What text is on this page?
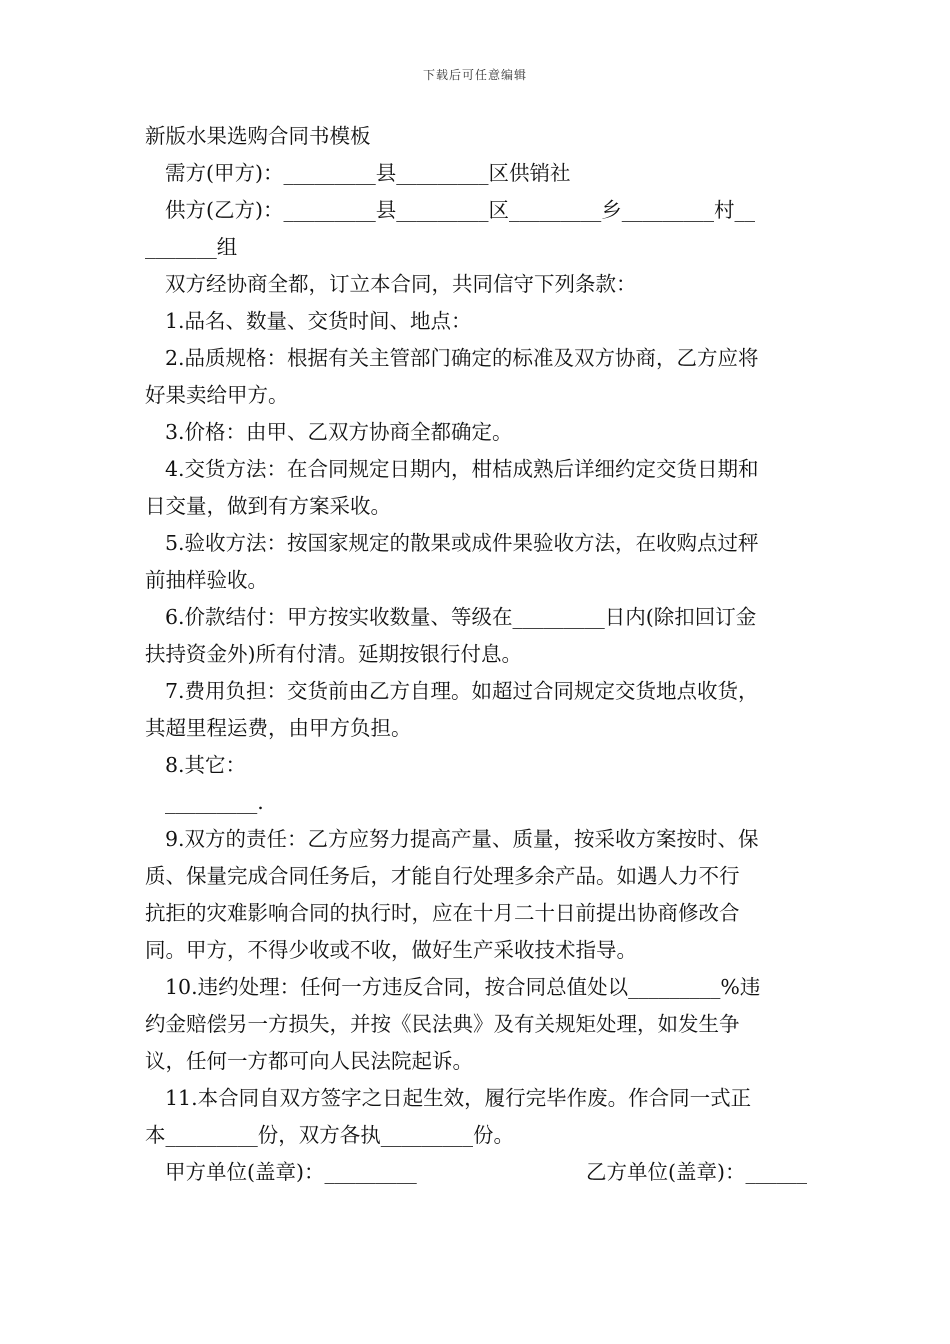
下载后可任意编辑
新版水果选购合同书模板
需方(甲方)：_________县_________区供销社
供方(乙方)：_________县_________区_________乡_________村__
_______组
双方经协商全都，订立本合同，共同信守下列条款：
1.品名、数量、交货时间、地点：
2.品质规格：根据有关主管部门确定的标准及双方协商，乙方应将
好果卖给甲方。
3.价格：由甲、乙双方协商全都确定。
4.交货方法：在合同规定日期内，柑桔成熟后详细约定交货日期和
日交量，做到有方案采收。
5.验收方法：按国家规定的散果或成件果验收方法，在收购点过秤
前抽样验收。
6.价款结付：甲方按实收数量、等级在_________日内(除扣回订金
扶持资金外)所有付清。延期按银行付息。
7.费用负担：交货前由乙方自理。如超过合同规定交货地点收货，
其超里程运费，由甲方负担。
8.其它：
_________.
9.双方的责任：乙方应努力提高产量、质量，按采收方案按时、保
质、保量完成合同任务后，才能自行处理多余产品。如遇人力不行
抗拒的灾难影响合同的执行时，应在十月二十日前提出协商修改合
同。甲方，不得少收或不收，做好生产采收技术指导。
10.违约处理：任何一方违反合同，按合同总值处以_________%违
约金赔偿另一方损失，并按《民法典》及有关规矩处理，如发生争
议，任何一方都可向人民法院起诉。
11.本合同自双方签字之日起生效，履行完毕作废。作合同一式正
本_________份，双方各执_________份。
甲方单位(盖章)：_________	乙方单位(盖章)：______
